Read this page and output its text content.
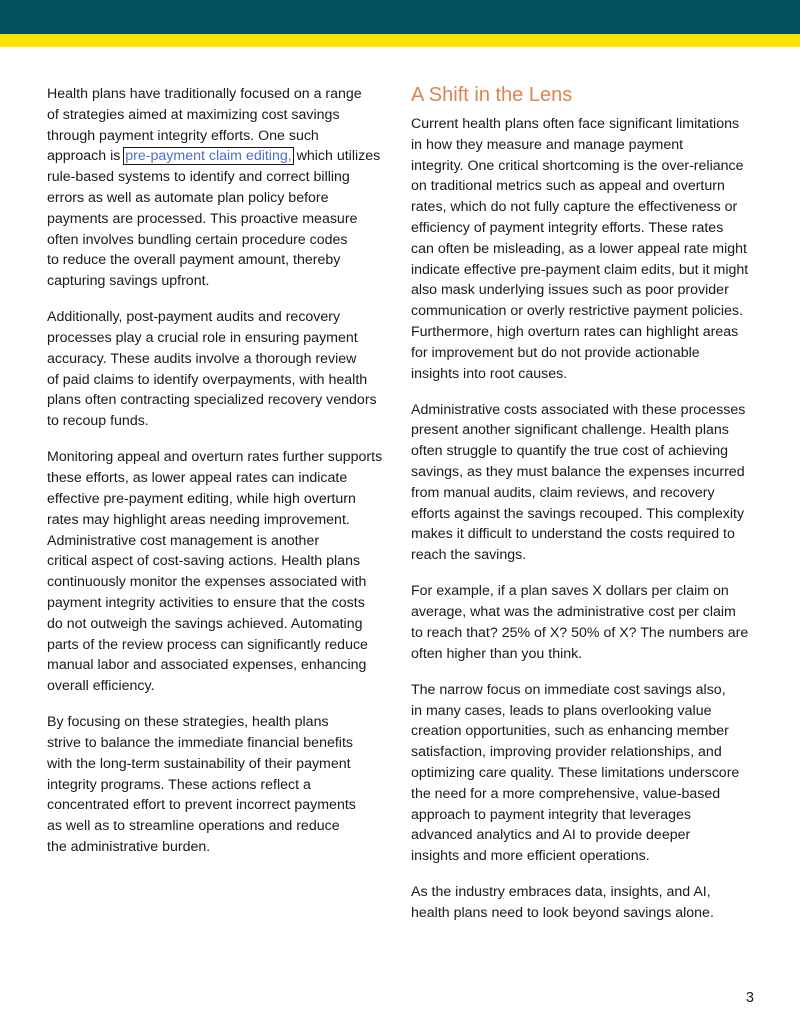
Health plans have traditionally focused on a range
of strategies aimed at maximizing cost savings
through payment integrity efforts. One such
approach is pre-payment claim editing, which utilizes
rule-based systems to identify and correct billing
errors as well as automate plan policy before
payments are processed. This proactive measure
often involves bundling certain procedure codes
to reduce the overall payment amount, thereby
capturing savings upfront.

Additionally, post-payment audits and recovery
processes play a crucial role in ensuring payment
accuracy. These audits involve a thorough review
of paid claims to identify overpayments, with health
plans often contracting specialized recovery vendors
to recoup funds.

Monitoring appeal and overturn rates further supports
these efforts, as lower appeal rates can indicate
effective pre-payment editing, while high overturn
rates may highlight areas needing improvement.
Administrative cost management is another
critical aspect of cost-saving actions. Health plans
continuously monitor the expenses associated with
payment integrity activities to ensure that the costs
do not outweigh the savings achieved. Automating
parts of the review process can significantly reduce
manual labor and associated expenses, enhancing
overall efficiency.

By focusing on these strategies, health plans
strive to balance the immediate financial benefits
with the long-term sustainability of their payment
integrity programs. These actions reflect a
concentrated effort to prevent incorrect payments
as well as to streamline operations and reduce
the administrative burden.

A Shift in the Lens

Current health plans often face significant limitations
in how they measure and manage payment
integrity. One critical shortcoming is the over-reliance
on traditional metrics such as appeal and overturn
rates, which do not fully capture the effectiveness or
efficiency of payment integrity efforts. These rates
can often be misleading, as a lower appeal rate might
indicate effective pre-payment claim edits, but it might
also mask underlying issues such as poor provider
communication or overly restrictive payment policies.
Furthermore, high overturn rates can highlight areas
for improvement but do not provide actionable
insights into root causes.

Administrative costs associated with these processes
present another significant challenge. Health plans
often struggle to quantify the true cost of achieving
savings, as they must balance the expenses incurred
from manual audits, claim reviews, and recovery
efforts against the savings recouped. This complexity
makes it difficult to understand the costs required to
reach the savings.

For example, if a plan saves X dollars per claim on
average, what was the administrative cost per claim
to reach that? 25% of X? 50% of X? The numbers are
often higher than you think.

The narrow focus on immediate cost savings also,
in many cases, leads to plans overlooking value
creation opportunities, such as enhancing member
satisfaction, improving provider relationships, and
optimizing care quality. These limitations underscore
the need for a more comprehensive, value-based
approach to payment integrity that leverages
advanced analytics and AI to provide deeper
insights and more efficient operations.

As the industry embraces data, insights, and AI,
health plans need to look beyond savings alone.

3
